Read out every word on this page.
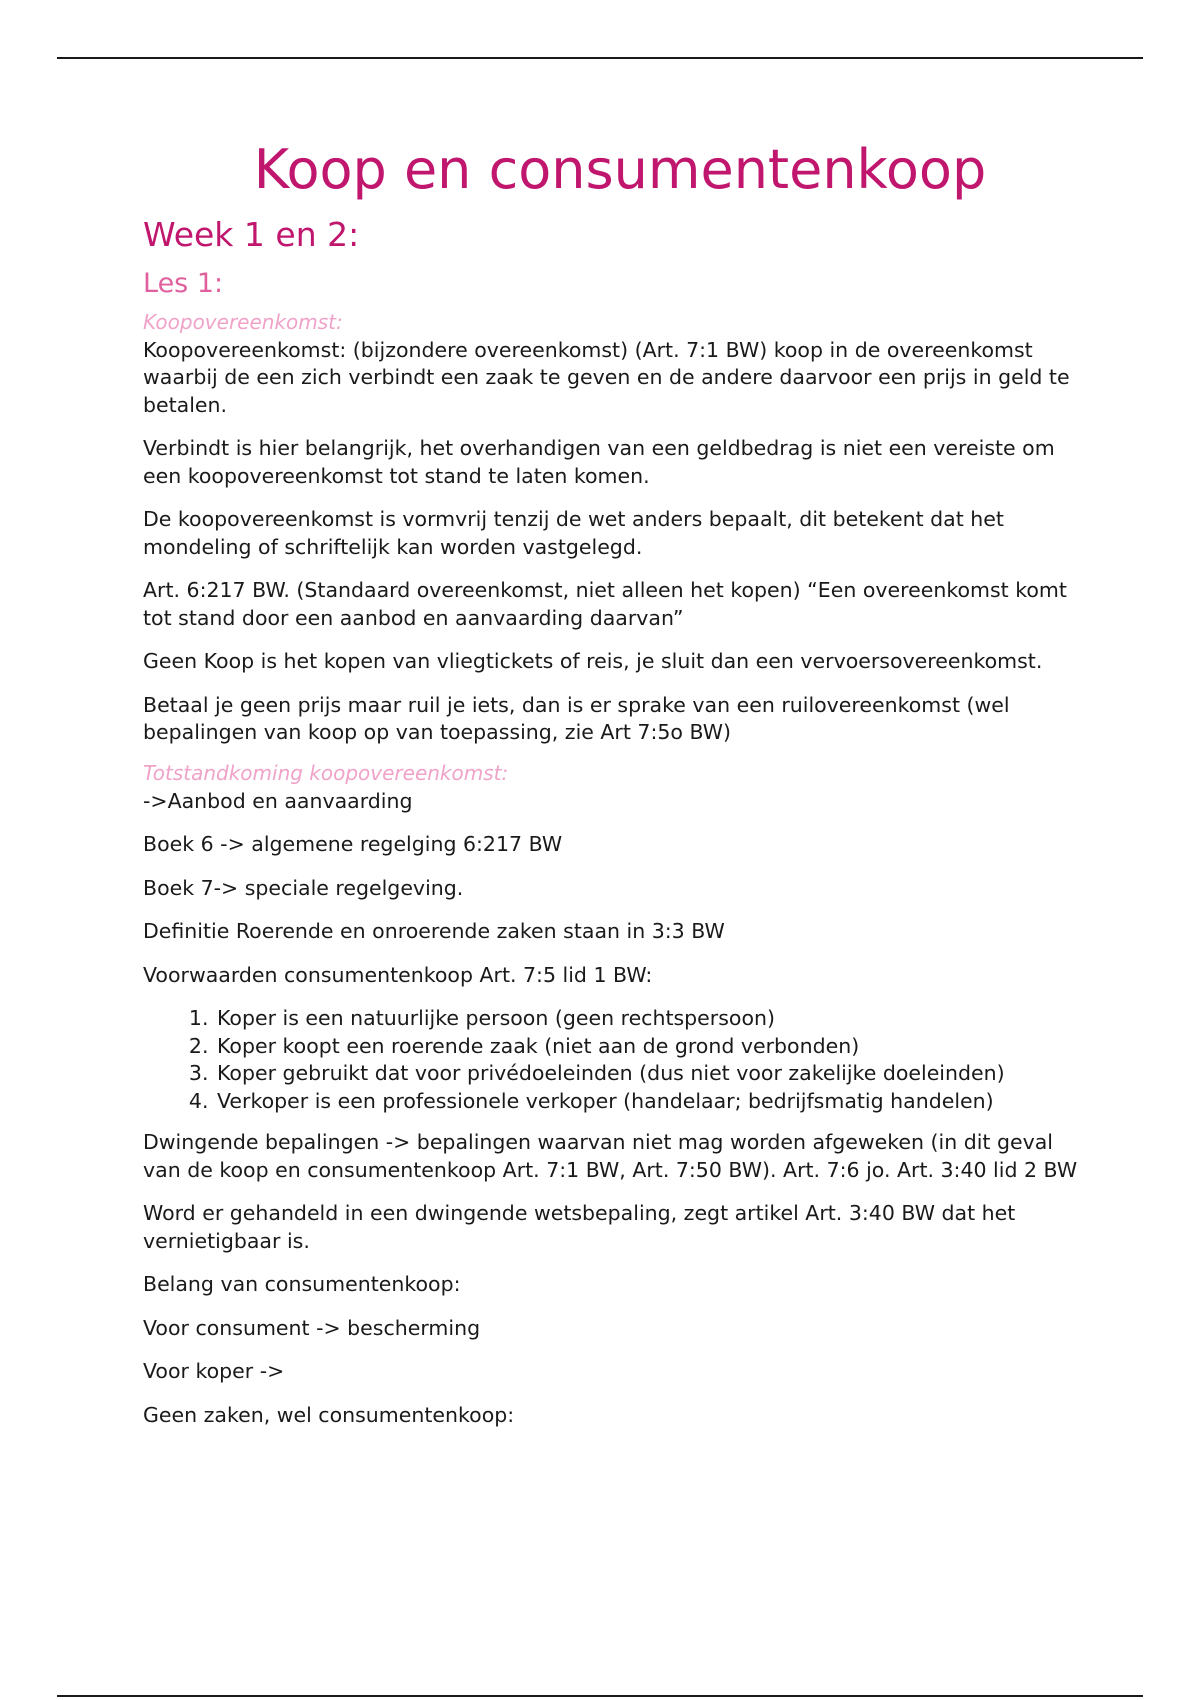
Koop en consumentenkoop
Week 1 en 2:
Les 1:
Koopovereenkomst:

Koopovereenkomst: (bijzondere overeenkomst) (Art. 7:1 BW) koop in de overeenkomst waarbij de een zich verbindt een zaak te geven en de andere daarvoor een prijs in geld te betalen.

Verbindt is hier belangrijk, het overhandigen van een geldbedrag is niet een vereiste om een koopovereenkomst tot stand te laten komen.

De koopovereenkomst is vormvrij tenzij de wet anders bepaalt, dit betekent dat het mondeling of schriftelijk kan worden vastgelegd.

Art. 6:217 BW. (Standaard overeenkomst, niet alleen het kopen) “Een overeenkomst komt tot stand door een aanbod en aanvaarding daarvan”

Geen Koop is het kopen van vliegtickets of reis, je sluit dan een vervoersovereenkomst.

Betaal je geen prijs maar ruil je iets, dan is er sprake van een ruilovereenkomst (wel bepalingen van koop op van toepassing, zie Art 7:5o BW)

Totstandkoming koopovereenkomst:

->Aanbod en aanvaarding

Boek 6 -> algemene regelging 6:217 BW

Boek 7-> speciale regelgeving.

Definitie Roerende en onroerende zaken staan in 3:3 BW

Voorwaarden consumentenkoop Art. 7:5 lid 1 BW:

1. Koper is een natuurlijke persoon (geen rechtspersoon)
2. Koper koopt een roerende zaak (niet aan de grond verbonden)
3. Koper gebruikt dat voor privédoeleinden (dus niet voor zakelijke doeleinden)
4. Verkoper is een professionele verkoper (handelaar; bedrijfsmatig handelen)

Dwingende bepalingen -> bepalingen waarvan niet mag worden afgeweken (in dit geval van de koop en consumentenkoop Art. 7:1 BW, Art. 7:50 BW). Art. 7:6 jo. Art. 3:40 lid 2 BW

Word er gehandeld in een dwingende wetsbepaling, zegt artikel Art. 3:40 BW dat het vernietigbaar is.

Belang van consumentenkoop:

Voor consument -> bescherming

Voor koper ->

Geen zaken, wel consumentenkoop:
